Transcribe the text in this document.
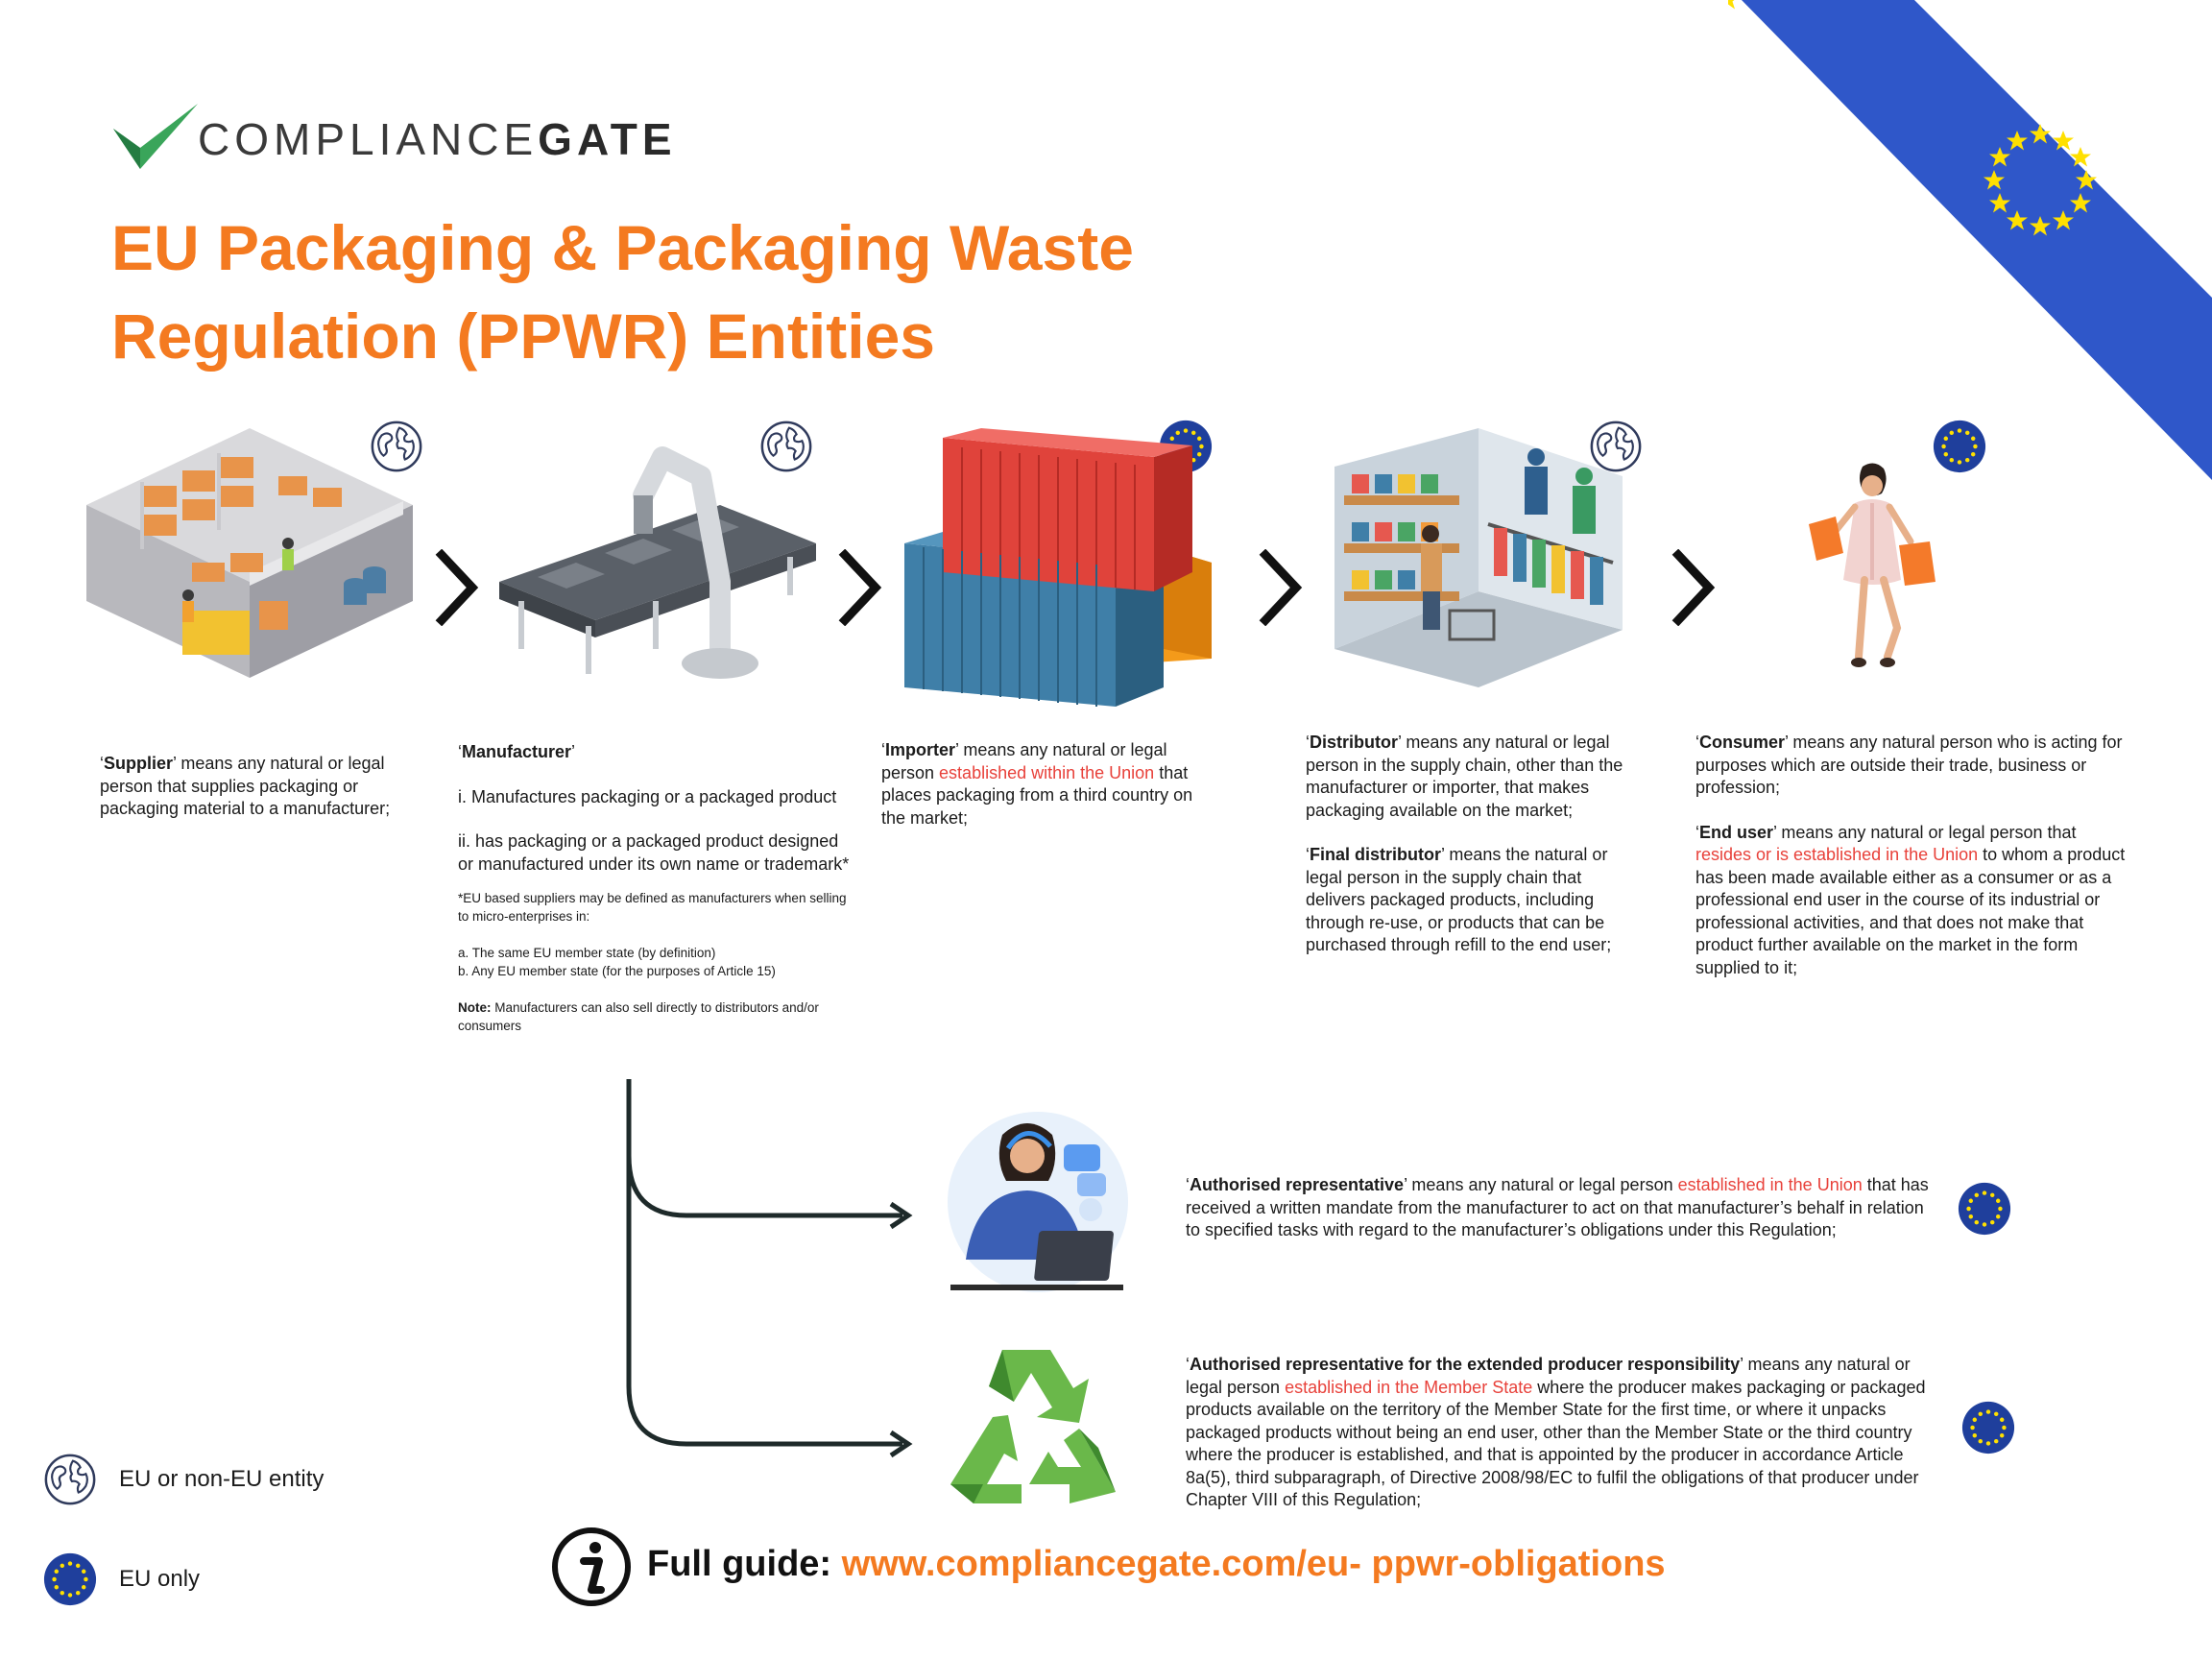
COMPLIANCEGATE
EU Packaging & Packaging Waste
Regulation (PPWR) Entities

‘Supplier’ means any natural or legal person that supplies packaging or packaging material to a manufacturer;

‘Manufacturer’

i. Manufactures packaging or a packaged product

ii. has packaging or a packaged product designed or manufactured under its own name or trademark*

*EU based suppliers may be defined as manufacturers when selling to micro-enterprises in:

a. The same EU member state (by definition)

b. Any EU member state (for the purposes of Article 15)

Note: Manufacturers can also sell directly to distributors and/or consumers

‘Importer’ means any natural or legal person established within the Union that places packaging from a third country on the market;

‘Distributor’ means any natural or legal person in the supply chain, other than the manufacturer or importer, that makes packaging available on the market;

‘Final distributor’ means the natural or legal person in the supply chain that delivers packaged products, including through re-use, or products that can be purchased through refill to the end user;

‘Consumer’ means any natural person who is acting for purposes which are outside their trade, business or profession;

‘End user’ means any natural or legal person that resides or is established in the Union to whom a product has been made available either as a consumer or as a professional end user in the course of its industrial or professional activities, and that does not make that product further available on the market in the form supplied to it;

‘Authorised representative’ means any natural or legal person established in the Union that has received a written mandate from the manufacturer to act on that manufacturer’s behalf in relation to specified tasks with regard to the manufacturer’s obligations under this Regulation;

‘Authorised representative for the extended producer responsibility’ means any natural or legal person established in the Member State where the producer makes packaging or packaged products available on the territory of the Member State for the first time, or where it unpacks packaged products without being an end user, other than the Member State or the third country where the producer is established, and that is appointed by the producer in accordance Article 8a(5), third subparagraph, of Directive 2008/98/EC to fulfil the obligations of that producer under Chapter VIII of this Regulation;

EU or non-EU entity
EU only	Full guide: www.compliancegate.com/eu- ppwr-obligations
